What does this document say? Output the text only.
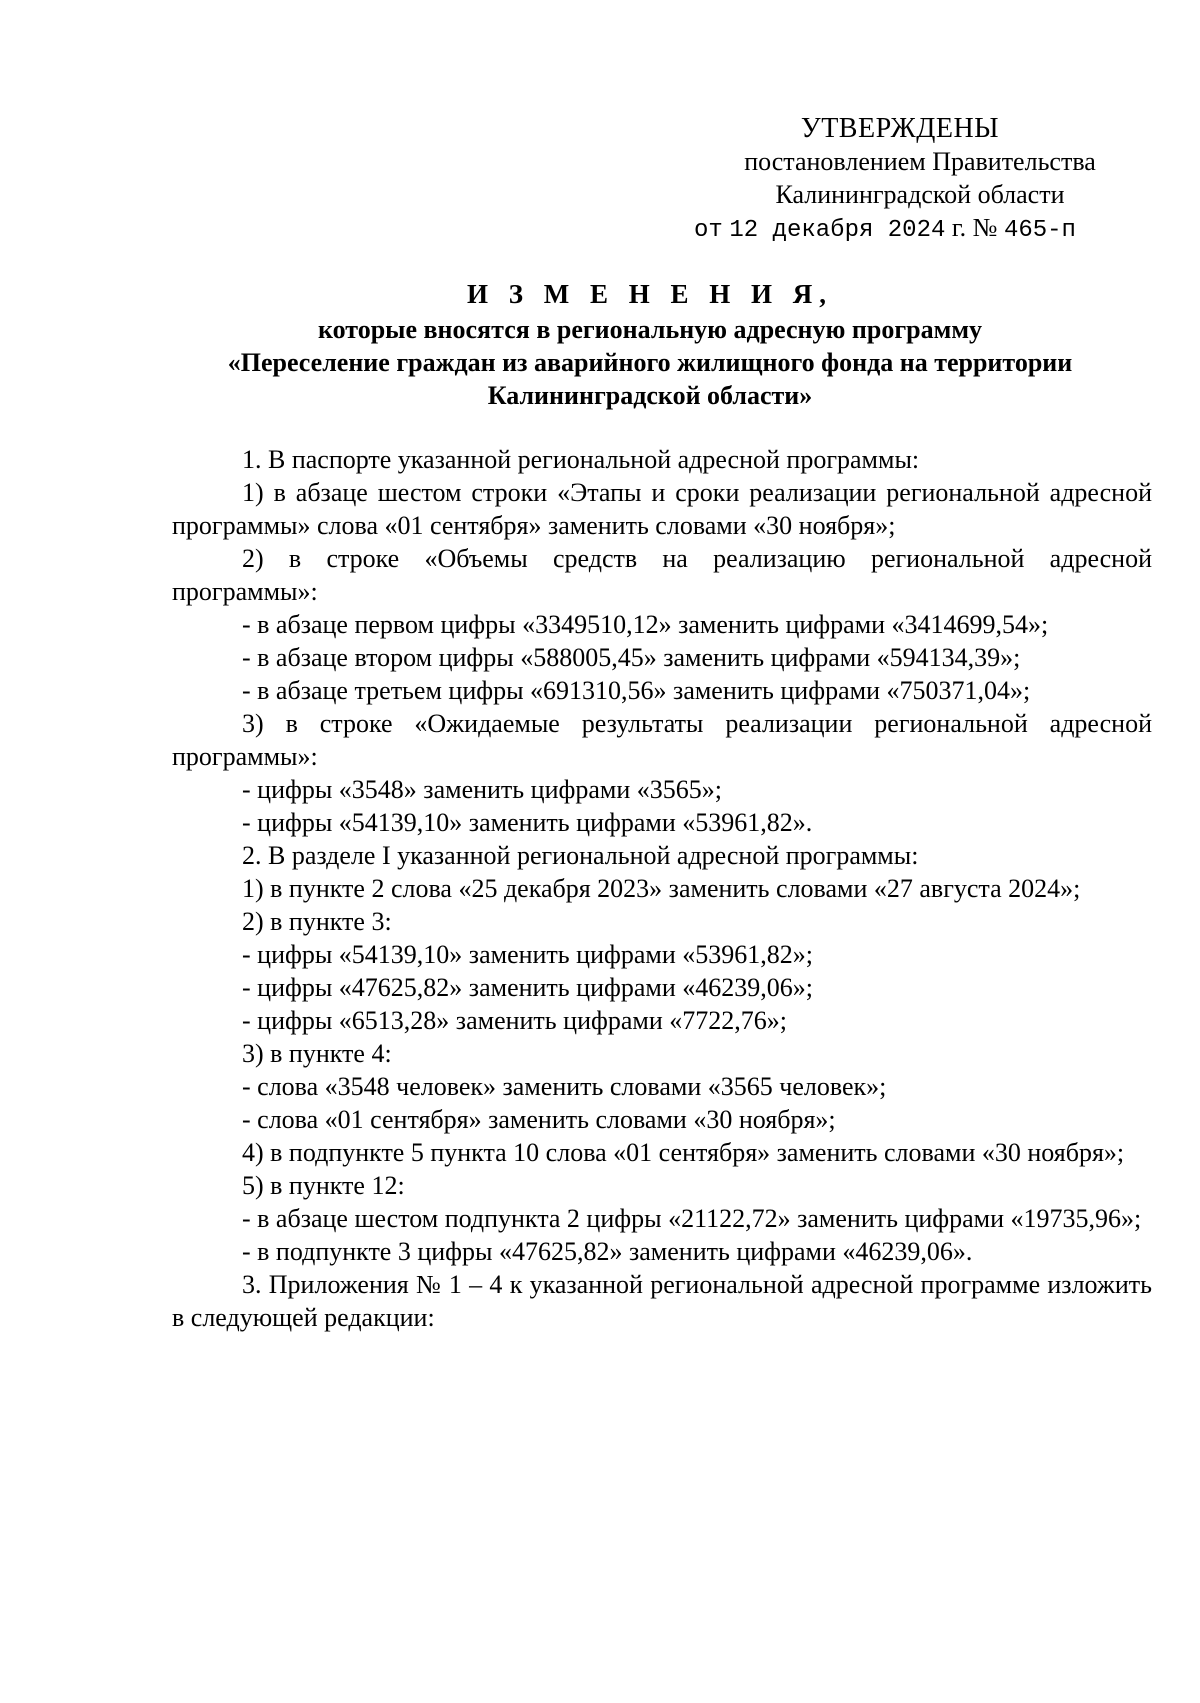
УТВЕРЖДЕНЫ
постановлением Правительства
Калининградской области
от 12 декабря 2024 г. № 465-п
И З М Е Н Е Н И Я,
которые вносятся в региональную адресную программу
«Переселение граждан из аварийного жилищного фонда на территории
Калининградской области»

1. В паспорте указанной региональной адресной программы:

1) в абзаце шестом строки «Этапы и сроки реализации региональной адресной программы» слова «01 сентября» заменить словами «30 ноября»;

2) в строке «Объемы средств на реализацию региональной адресной программы»:

- в абзаце первом цифры «3349510,12» заменить цифрами «3414699,54»;

- в абзаце втором цифры «588005,45» заменить цифрами «594134,39»;

- в абзаце третьем цифры «691310,56» заменить цифрами «750371,04»;

3) в строке «Ожидаемые результаты реализации региональной адресной программы»:

- цифры «3548» заменить цифрами «3565»;

- цифры «54139,10» заменить цифрами «53961,82».

2. В разделе I указанной региональной адресной программы:

1) в пункте 2 слова «25 декабря 2023» заменить словами «27 августа 2024»;

2) в пункте 3:

- цифры «54139,10» заменить цифрами «53961,82»;

- цифры «47625,82» заменить цифрами «46239,06»;

- цифры «6513,28» заменить цифрами «7722,76»;

3) в пункте 4:

- слова «3548 человек» заменить словами «3565 человек»;

- слова «01 сентября» заменить словами «30 ноября»;

4) в подпункте 5 пункта 10 слова «01 сентября» заменить словами «30 ноября»;

5) в пункте 12:

- в абзаце шестом подпункта 2 цифры «21122,72» заменить цифрами «19735,96»;

- в подпункте 3 цифры «47625,82» заменить цифрами «46239,06».

3. Приложения № 1 – 4 к указанной региональной адресной программе изложить в следующей редакции:
